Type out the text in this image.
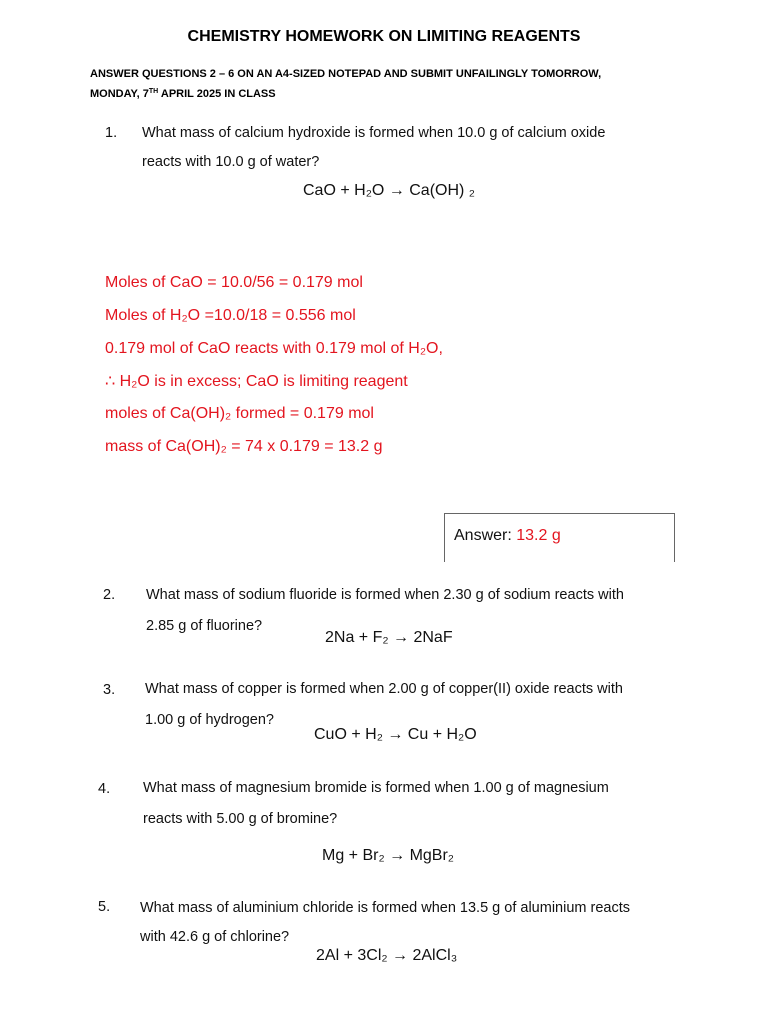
CHEMISTRY HOMEWORK ON LIMITING REAGENTS
ANSWER QUESTIONS 2 – 6 ON AN A4-SIZED NOTEPAD AND SUBMIT UNFAILINGLY TOMORROW,
MONDAY, 7TH APRIL 2025 IN CLASS
1. What mass of calcium hydroxide is formed when 10.0 g of calcium oxide
reacts with 10.0 g of water?
CaO + H₂O → Ca(OH) ₂
Moles of CaO = 10.0/56 = 0.179 mol
Moles of H₂O =10.0/18 = 0.556 mol
0.179 mol of CaO reacts with 0.179 mol of H₂O,
∴ H₂O is in excess; CaO is limiting reagent
moles of Ca(OH)₂ formed = 0.179 mol
mass of Ca(OH)₂ = 74 x 0.179 = 13.2 g
Answer: 13.2 g
2. What mass of sodium fluoride is formed when 2.30 g of sodium reacts with
2.85 g of fluorine?
2Na + F₂ → 2NaF
3. What mass of copper is formed when 2.00 g of copper(II) oxide reacts with
1.00 g of hydrogen?
CuO + H₂ → Cu + H₂O
4. What mass of magnesium bromide is formed when 1.00 g of magnesium
reacts with 5.00 g of bromine?
Mg + Br₂ → MgBr₂
5. What mass of aluminium chloride is formed when 13.5 g of aluminium reacts
with 42.6 g of chlorine?
2Al + 3Cl₂ → 2AlCl₃
